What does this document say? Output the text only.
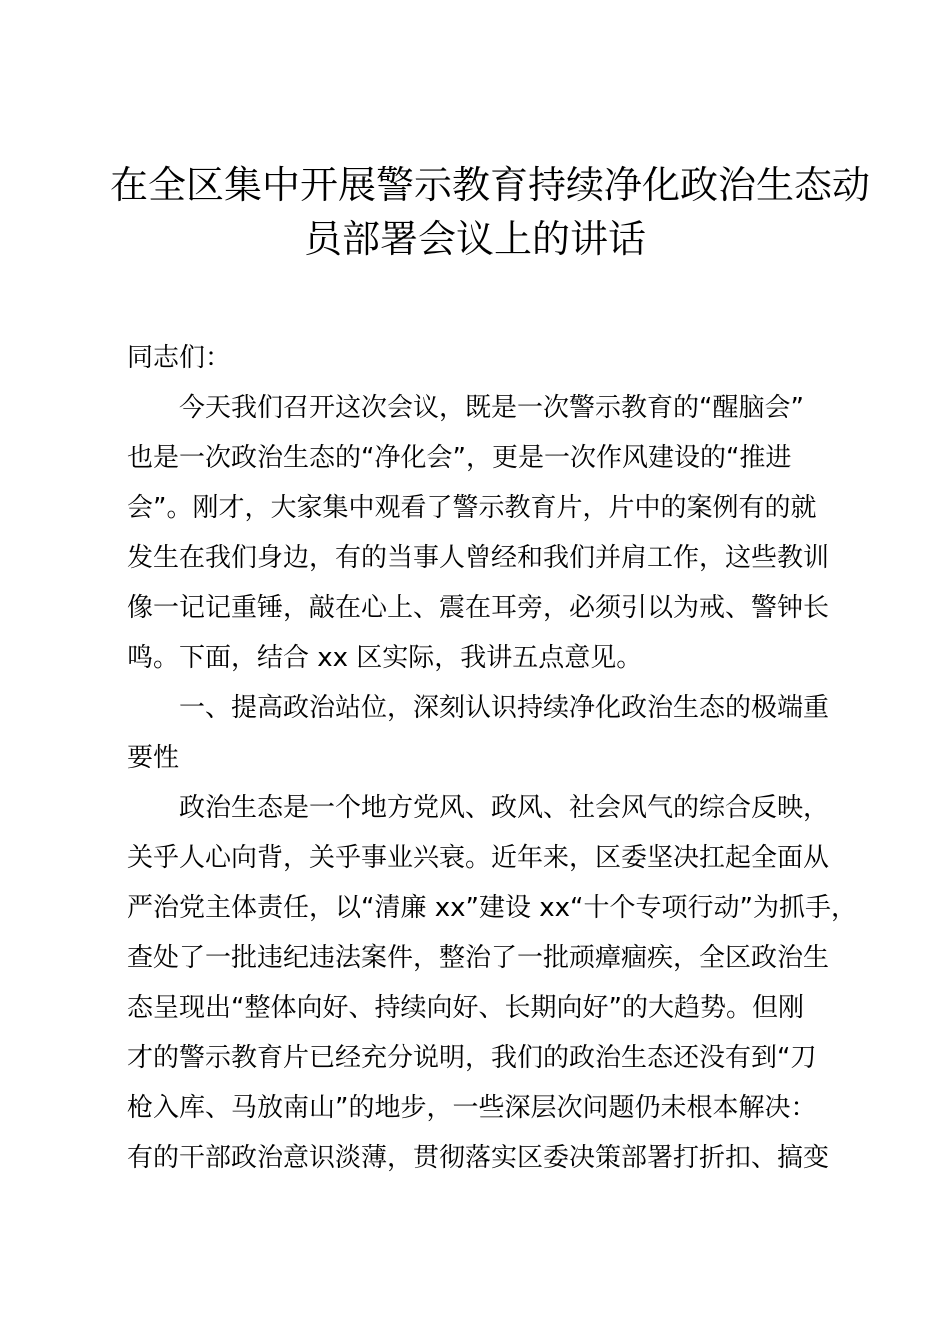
在全区集中开展警示教育持续净化政治生态动
员部署会议上的讲话
同志们：
今天我们召开这次会议，既是一次警示教育的“醒脑会”
也是一次政治生态的“净化会”，更是一次作风建设的“推进
会”。刚才，大家集中观看了警示教育片，片中的案例有的就
发生在我们身边，有的当事人曾经和我们并肩工作，这些教训
像一记记重锤，敲在心上、震在耳旁，必须引以为戒、警钟长
鸣。下面，结合 xx 区实际，我讲五点意见。
一、提高政治站位，深刻认识持续净化政治生态的极端重
要性
政治生态是一个地方党风、政风、社会风气的综合反映，
关乎人心向背，关乎事业兴衰。近年来，区委坚决扛起全面从
严治党主体责任，以“清廉 xx”建设 xx“十个专项行动”为抓手，
查处了一批违纪违法案件，整治了一批顽瘴痼疾，全区政治生
态呈现出“整体向好、持续向好、长期向好”的大趋势。但刚
才的警示教育片已经充分说明，我们的政治生态还没有到“刀
枪入库、马放南山”的地步，一些深层次问题仍未根本解决：
有的干部政治意识淡薄，贯彻落实区委决策部署打折扣、搞变
